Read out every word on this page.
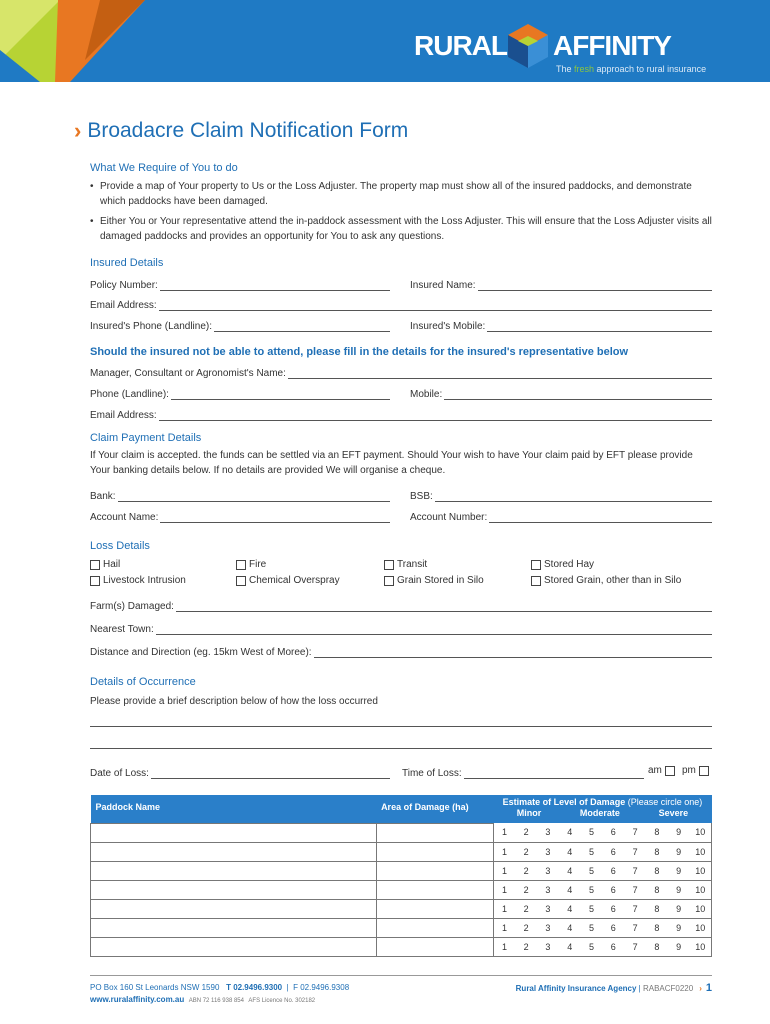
RURAL AFFINITY
The fresh approach to rural insurance
› Broadacre Claim Notification Form
What We Require of You to do
• Provide a map of Your property to Us or the Loss Adjuster. The property map must show all of the insured paddocks, and demonstrate which paddocks have been damaged.
• Either You or Your representative attend the in-paddock assessment with the Loss Adjuster. This will ensure that the Loss Adjuster visits all damaged paddocks and provides an opportunity for You to ask any questions.
Insured Details
Policy Number:	Insured Name:
Email Address:
Insured's Phone (Landline):	Insured's Mobile:
Should the insured not be able to attend, please fill in the details for the insured's representative below
Manager, Consultant or Agronomist's Name:
Phone (Landline):	Mobile:
Email Address:
Claim Payment Details
If Your claim is accepted. the funds can be settled via an EFT payment. Should Your wish to have Your claim paid by EFT please provide Your banking details below. If no details are provided We will organise a cheque.
Bank:	BSB:
Account Name:	Account Number:
Loss Details
Hail	Fire	Transit	Stored Hay
Livestock Intrusion	Chemical Overspray	Grain Stored in Silo	Stored Grain, other than in Silo
Farm(s) Damaged:
Nearest Town:
Distance and Direction (eg. 15km West of Moree):
Details of Occurrence
Please provide a brief description below of how the loss occurred
Date of Loss:	Time of Loss:	am pm
Paddock Name	Area of Damage (ha)	Estimate of Level of Damage (Please circle one)
Minor Moderate Severe									

		1	2	3	4	5	6	7	8	9	10
		1	2	3	4	5	6	7	8	9	10
		1	2	3	4	5	6	7	8	9	10
		1	2	3	4	5	6	7	8	9	10
		1	2	3	4	5	6	7	8	9	10
		1	2	3	4	5	6	7	8	9	10
		1	2	3	4	5	6	7	8	9	10
PO Box 160 St Leonards NSW 1590 T 02.9496.9300  |  F 02.9496.9308
www.ruralaffinity.com.au ABN 72 116 938 854 AFS Licence No. 302182
Rural Affinity Insurance Agency | RABACF0220 › 1
